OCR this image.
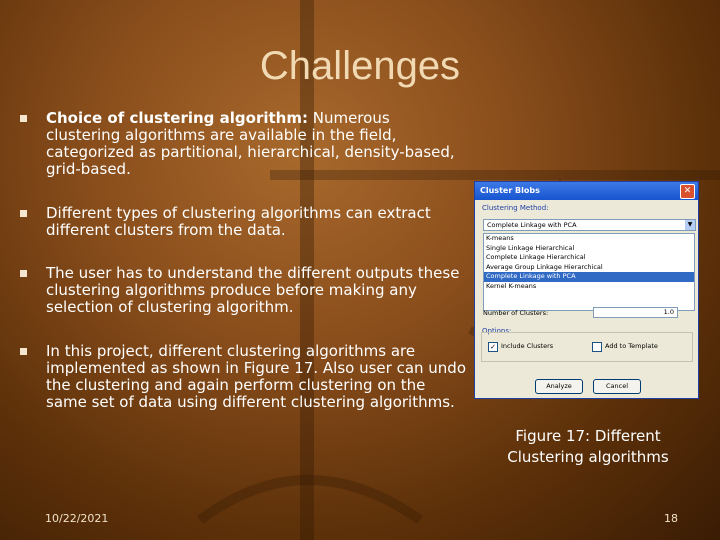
Challenges
Choice of clustering algorithm: Numerous clustering algorithms are available in the field, categorized as partitional, hierarchical, density-based, grid-based.
Different types of clustering algorithms can extract different clusters from the data.
The user has to understand the different outputs these clustering algorithms produce before making any selection of clustering algorithm.
In this project, different clustering algorithms are implemented as shown in Figure 17. Also user can undo the clustering and again perform clustering on the same set of data using different clustering algorithms.
Cluster Blobs	✕
Clustering Method:
Complete Linkage with PCA	▼
K-means
Single Linkage Hierarchical
Complete Linkage Hierarchical
Average Group Linkage Hierarchical
Complete Linkage with PCA
Kernel K-means
Number of Clusters:	1.0
Options:
✓ Include Clusters	Add to Template
Analyze	Cancel
Figure 17: Different Clustering algorithms
10/22/2021	18
